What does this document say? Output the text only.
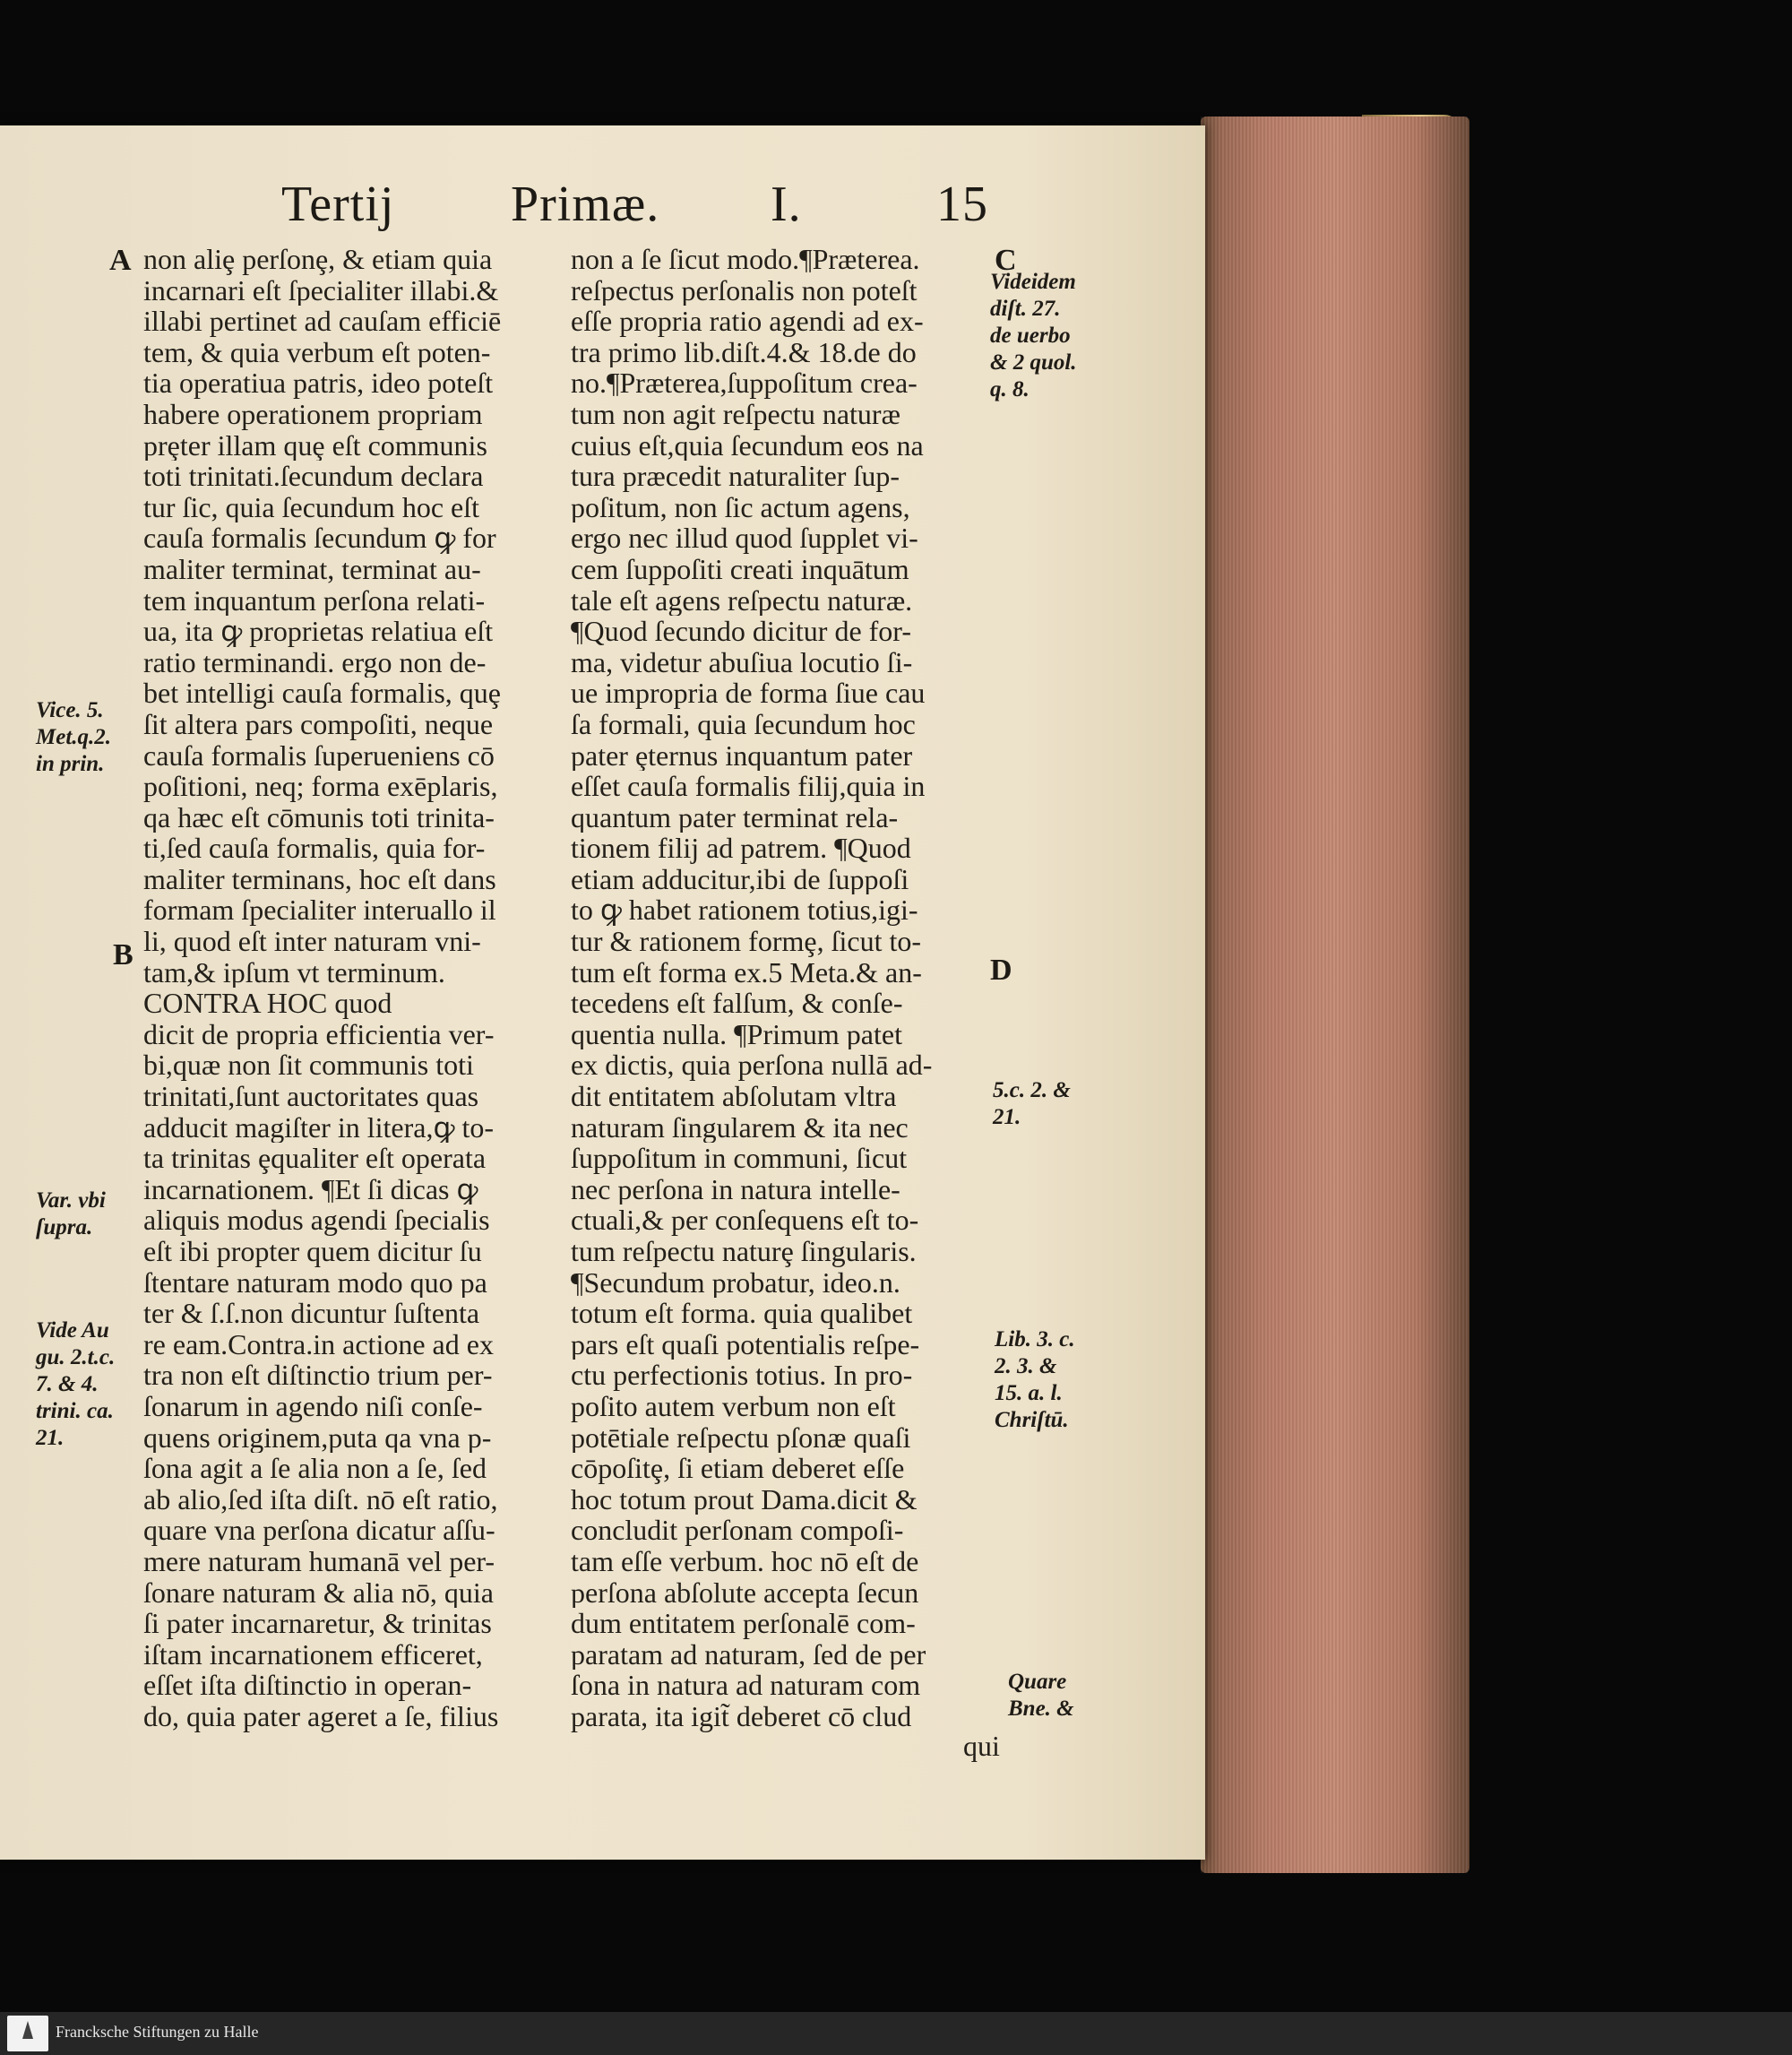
Tertij Primæ. I.	15
non aliȩ perſonȩ, & etiam quia
incarnari eſt ſpecialiter illabi.&
illabi pertinet ad cauſam efficiē
tem, & quia verbum eſt poten-
tia operatiua patris, ideo poteſt
habere operationem propriam
prȩter illam quȩ eſt communis
toti trinitati.ſecundum declara
tur ſic, quia ſecundum hoc eſt
cauſa formalis ſecundum ꝙ for
maliter terminat, terminat au-
tem inquantum perſona relati-
ua, ita ꝙ proprietas relatiua eſt
ratio terminandi. ergo non de-
bet intelligi cauſa formalis, quȩ
ſit altera pars compoſiti, neque
cauſa formalis ſuperueniens cō
poſitioni, neq; forma exēplaris,
qa hæc eſt cōmunis toti trinita-
ti,ſed cauſa formalis, quia for-
maliter terminans, hoc eſt dans
formam ſpecialiter interuallo il
li, quod eſt inter naturam vni-
tam,& ipſum vt terminum.
CONTRA HOC quod
dicit de propria efficientia ver-
bi,quæ non ſit communis toti
trinitati,ſunt auctoritates quas
adducit magiſter in litera,ꝙ to-
ta trinitas ȩqualiter eſt operata
incarnationem. ¶Et ſi dicas ꝙ
aliquis modus agendi ſpecialis
eſt ibi propter quem dicitur ſu
ſtentare naturam modo quo pa
ter & ſ.ſ.non dicuntur ſuſtenta
re eam.Contra.in actione ad ex
tra non eſt diſtinctio trium per-
ſonarum in agendo niſi conſe-
quens originem,puta qa vna p-
ſona agit a ſe alia non a ſe, ſed
ab alio,ſed iſta diſt. nō eſt ratio,
quare vna perſona dicatur aſſu-
mere naturam humanā vel per-
ſonare naturam & alia nō, quia
ſi pater incarnaretur, & trinitas
iſtam incarnationem efficeret,
eſſet iſta diſtinctio in operan-
do, quia pater ageret a ſe, filius
non a ſe ſicut modo.¶Præterea.
reſpectus perſonalis non poteſt
eſſe propria ratio agendi ad ex-
tra primo lib.diſt.4.& 18.de do
no.¶Præterea,ſuppoſitum crea-
tum non agit reſpectu naturæ
cuius eſt,quia ſecundum eos na
tura præcedit naturaliter ſup-
poſitum, non ſic actum agens,
ergo nec illud quod ſupplet vi-
cem ſuppoſiti creati inquātum
tale eſt agens reſpectu naturæ.
¶Quod ſecundo dicitur de for-
ma, videtur abuſiua locutio ſi-
ue impropria de forma ſiue cau
ſa formali, quia ſecundum hoc
pater ȩternus inquantum pater
eſſet cauſa formalis filij,quia in
quantum pater terminat rela-
tionem filij ad patrem. ¶Quod
etiam adducitur,ibi de ſuppoſi
to ꝙ habet rationem totius,igi-
tur & rationem formȩ, ſicut to-
tum eſt forma ex.5 Meta.& an-
tecedens eſt falſum, & conſe-
quentia nulla. ¶Primum patet
ex dictis, quia perſona nullā ad-
dit entitatem abſolutam vltra
naturam ſingularem & ita nec
ſuppoſitum in communi, ſicut
nec perſona in natura intelle-
ctuali,& per conſequens eſt to-
tum reſpectu naturȩ ſingularis.
¶Secundum probatur, ideo.n.
totum eſt forma. quia qualibet
pars eſt quaſi potentialis reſpe-
ctu perfectionis totius. In pro-
poſito autem verbum non eſt
potētiale reſpectu pſonæ quaſi
cōpoſitȩ, ſi etiam deberet eſſe
hoc totum prout Dama.dicit &
concludit perſonam compoſi-
tam eſſe verbum. hoc nō eſt de
perſona abſolute accepta ſecun
dum entitatem perſonalē com-
paratam ad naturam, ſed de per
ſona in natura ad naturam com
parata, ita igit̃ deberet cō clud
A
B
C
D
Vice. 5.
Met.q.2.
in prin.
Var. vbi
ſupra.
Vide Au
gu. 2.t.c.
7. & 4.
trini. ca.
21.
Videidem
diſt. 27.
de uerbo
& 2 quol.
q. 8.
5.c. 2. &
21.
Lib. 3. c.
2. 3. &
15. a. l.
Chriſtū.
Quare
Bne. &
qui
Francksche Stiftungen zu Halle
